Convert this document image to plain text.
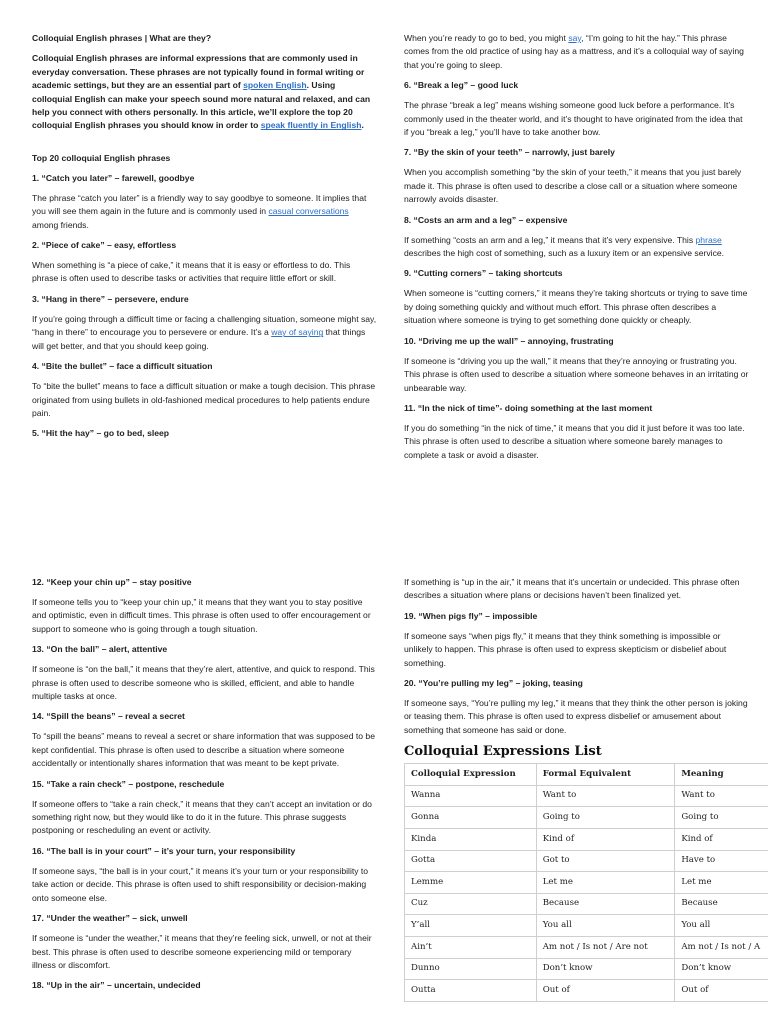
Colloquial English phrases | What are they?

Colloquial English phrases are informal expressions that are commonly used in everyday conversation. These phrases are not typically found in formal writing or academic settings, but they are an essential part of spoken English. Using colloquial English can make your speech sound more natural and relaxed, and can help you connect with others personally. In this article, we’ll explore the top 20 colloquial English phrases you should know in order to speak fluently in English.

Top 20 colloquial English phrases
1. “Catch you later” – farewell, goodbye

The phrase “catch you later” is a friendly way to say goodbye to someone. It implies that you will see them again in the future and is commonly used in casual conversations among friends.

2. “Piece of cake” – easy, effortless

When something is “a piece of cake,” it means that it is easy or effortless to do. This phrase is often used to describe tasks or activities that require little effort or skill.

3. “Hang in there” – persevere, endure

If you’re going through a difficult time or facing a challenging situation, someone might say, “hang in there” to encourage you to persevere or endure. It’s a way of saying that things will get better, and that you should keep going.

4. “Bite the bullet” – face a difficult situation

To “bite the bullet” means to face a difficult situation or make a tough decision. This phrase originated from using bullets in old-fashioned medical procedures to help patients endure pain.

5. “Hit the hay” – go to bed, sleep

When you’re ready to go to bed, you might say, “I’m going to hit the hay.” This phrase comes from the old practice of using hay as a mattress, and it’s a colloquial way of saying that you’re going to sleep.

6. “Break a leg” – good luck

The phrase “break a leg” means wishing someone good luck before a performance. It’s commonly used in the theater world, and it’s thought to have originated from the idea that if you “break a leg,” you’ll have to take another bow.

7. “By the skin of your teeth” – narrowly, just barely

When you accomplish something “by the skin of your teeth,” it means that you just barely made it. This phrase is often used to describe a close call or a situation where someone narrowly avoids disaster.

8. “Costs an arm and a leg” – expensive

If something “costs an arm and a leg,” it means that it’s very expensive. This phrase describes the high cost of something, such as a luxury item or an expensive service.

9. “Cutting corners” – taking shortcuts

When someone is “cutting corners,” it means they’re taking shortcuts or trying to save time by doing something quickly and without much effort. This phrase often describes a situation where someone is trying to get something done quickly or cheaply.

10. “Driving me up the wall” – annoying, frustrating

If someone is “driving you up the wall,” it means that they’re annoying or frustrating you. This phrase is often used to describe a situation where someone behaves in an irritating or unbearable way.

11. “In the nick of time”- doing something at the last moment

If you do something “in the nick of time,” it means that you did it just before it was too late. This phrase is often used to describe a situation where someone barely manages to complete a task or avoid a disaster.

12. “Keep your chin up” – stay positive

If someone tells you to “keep your chin up,” it means that they want you to stay positive and optimistic, even in difficult times. This phrase is often used to offer encouragement or support to someone who is going through a tough situation.

13. “On the ball” – alert, attentive

If someone is “on the ball,” it means that they’re alert, attentive, and quick to respond. This phrase is often used to describe someone who is skilled, efficient, and able to handle multiple tasks at once.

14. “Spill the beans” – reveal a secret

To “spill the beans” means to reveal a secret or share information that was supposed to be kept confidential. This phrase is often used to describe a situation where someone accidentally or intentionally shares information that was meant to be kept private.

15. “Take a rain check” – postpone, reschedule

If someone offers to “take a rain check,” it means that they can’t accept an invitation or do something right now, but they would like to do it in the future. This phrase suggests postponing or rescheduling an event or activity.

16. “The ball is in your court” – it’s your turn, your responsibility

If someone says, “the ball is in your court,” it means it’s your turn or your responsibility to take action or decide. This phrase is often used to shift responsibility or decision-making onto someone else.

17. “Under the weather” – sick, unwell

If someone is “under the weather,” it means that they’re feeling sick, unwell, or not at their best. This phrase is often used to describe someone experiencing mild or temporary illness or discomfort.

18. “Up in the air” – uncertain, undecided

If something is “up in the air,” it means that it’s uncertain or undecided. This phrase often describes a situation where plans or decisions haven’t been finalized yet.

19. “When pigs fly” – impossible

If someone says “when pigs fly,” it means that they think something is impossible or unlikely to happen. This phrase is often used to express skepticism or disbelief about something.

20. “You’re pulling my leg” – joking, teasing

If someone says, “You’re pulling my leg,” it means that they think the other person is joking or teasing them. This phrase is often used to express disbelief or amusement about something that someone has said or done.

Colloquial Expressions List
Colloquial Expression	Formal Equivalent	Meaning
Wanna	Want to	Want to
Gonna	Going to	Going to
Kinda	Kind of	Kind of
Gotta	Got to	Have to
Lemme	Let me	Let me
Cuz	Because	Because
Y’all	You all	You all
Ain’t	Am not / Is not / Are not	Am not / Is not / A
Dunno	Don’t know	Don’t know
Outta	Out of	Out of
